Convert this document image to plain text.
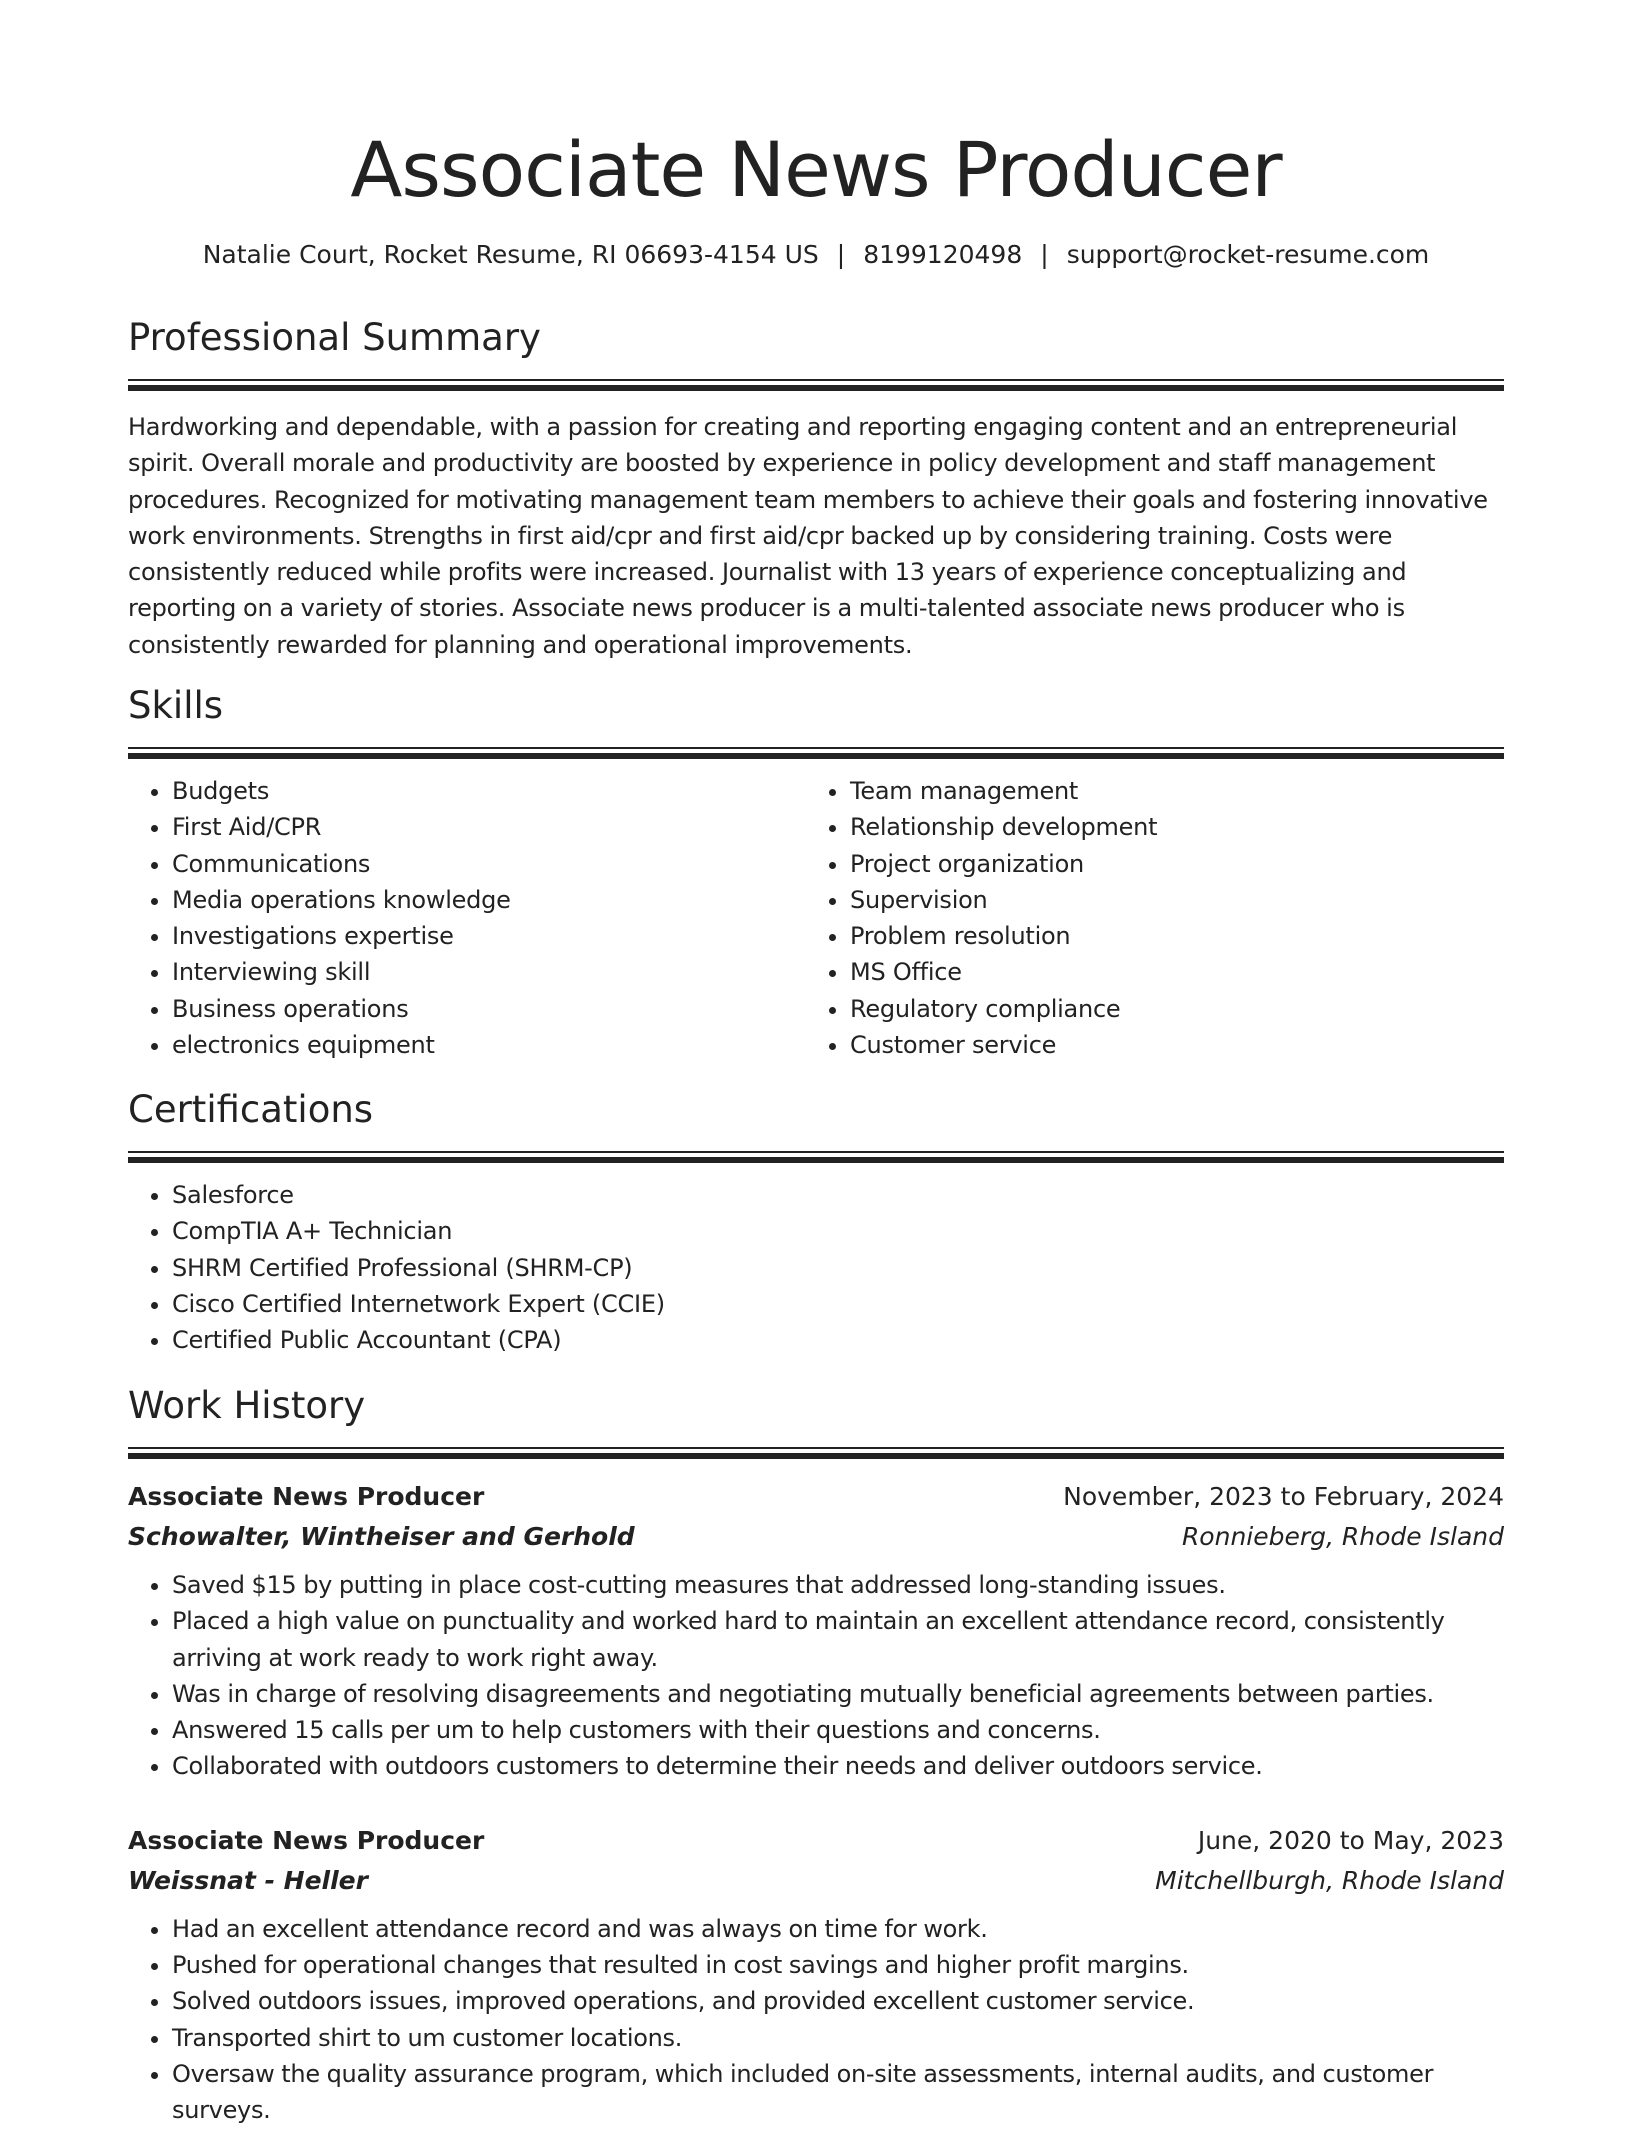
Associate News Producer
Natalie Court, Rocket Resume, RI 06693-4154 US | 8199120498 | support@rocket-resume.com
Professional Summary

Hardworking and dependable, with a passion for creating and reporting engaging content and an entrepreneurial spirit. Overall morale and productivity are boosted by experience in policy development and staff management procedures. Recognized for motivating management team members to achieve their goals and fostering innovative work environments. Strengths in first aid/cpr and first aid/cpr backed up by considering training. Costs were consistently reduced while profits were increased. Journalist with 13 years of experience conceptualizing and reporting on a variety of stories. Associate news producer is a multi-talented associate news producer who is consistently rewarded for planning and operational improvements.

Skills
• Budgets
• First Aid/CPR
• Communications
• Media operations knowledge
• Investigations expertise
• Interviewing skill
• Business operations
• electronics equipment
• Team management
• Relationship development
• Project organization
• Supervision
• Problem resolution
• MS Office
• Regulatory compliance
• Customer service
Certifications
• Salesforce
• CompTIA A+ Technician
• SHRM Certified Professional (SHRM-CP)
• Cisco Certified Internetwork Expert (CCIE)
• Certified Public Accountant (CPA)
Work History
Associate News Producer	November, 2023 to February, 2024
Schowalter, Wintheiser and Gerhold	Ronnieberg, Rhode Island
• Saved $15 by putting in place cost-cutting measures that addressed long-standing issues.
• Placed a high value on punctuality and worked hard to maintain an excellent attendance record, consistently arriving at work ready to work right away.
• Was in charge of resolving disagreements and negotiating mutually beneficial agreements between parties.
• Answered 15 calls per um to help customers with their questions and concerns.
• Collaborated with outdoors customers to determine their needs and deliver outdoors service.
Associate News Producer	June, 2020 to May, 2023
Weissnat - Heller	Mitchellburgh, Rhode Island
• Had an excellent attendance record and was always on time for work.
• Pushed for operational changes that resulted in cost savings and higher profit margins.
• Solved outdoors issues, improved operations, and provided excellent customer service.
• Transported shirt to um customer locations.
• Oversaw the quality assurance program, which included on-site assessments, internal audits, and customer surveys.
